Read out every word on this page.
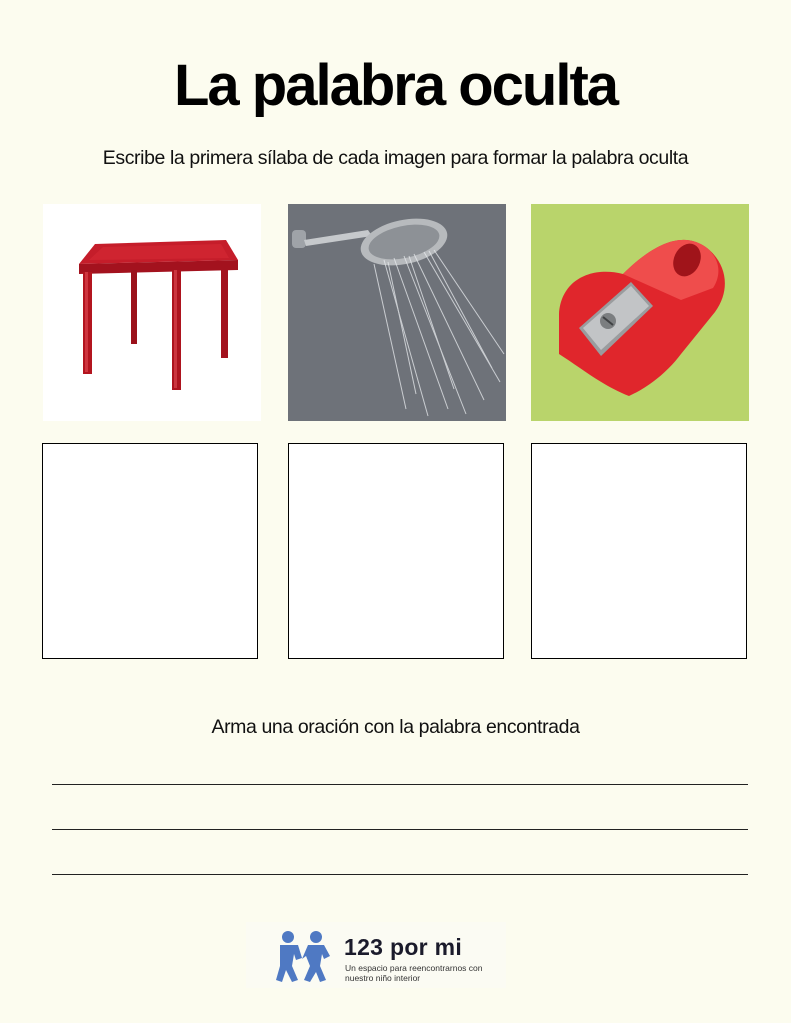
La palabra oculta
Escribe la primera sílaba de cada imagen para formar la palabra oculta
Arma una oración con la palabra encontrada
123 por mi
Un espacio para reencontrarnos con nuestro niño interior
